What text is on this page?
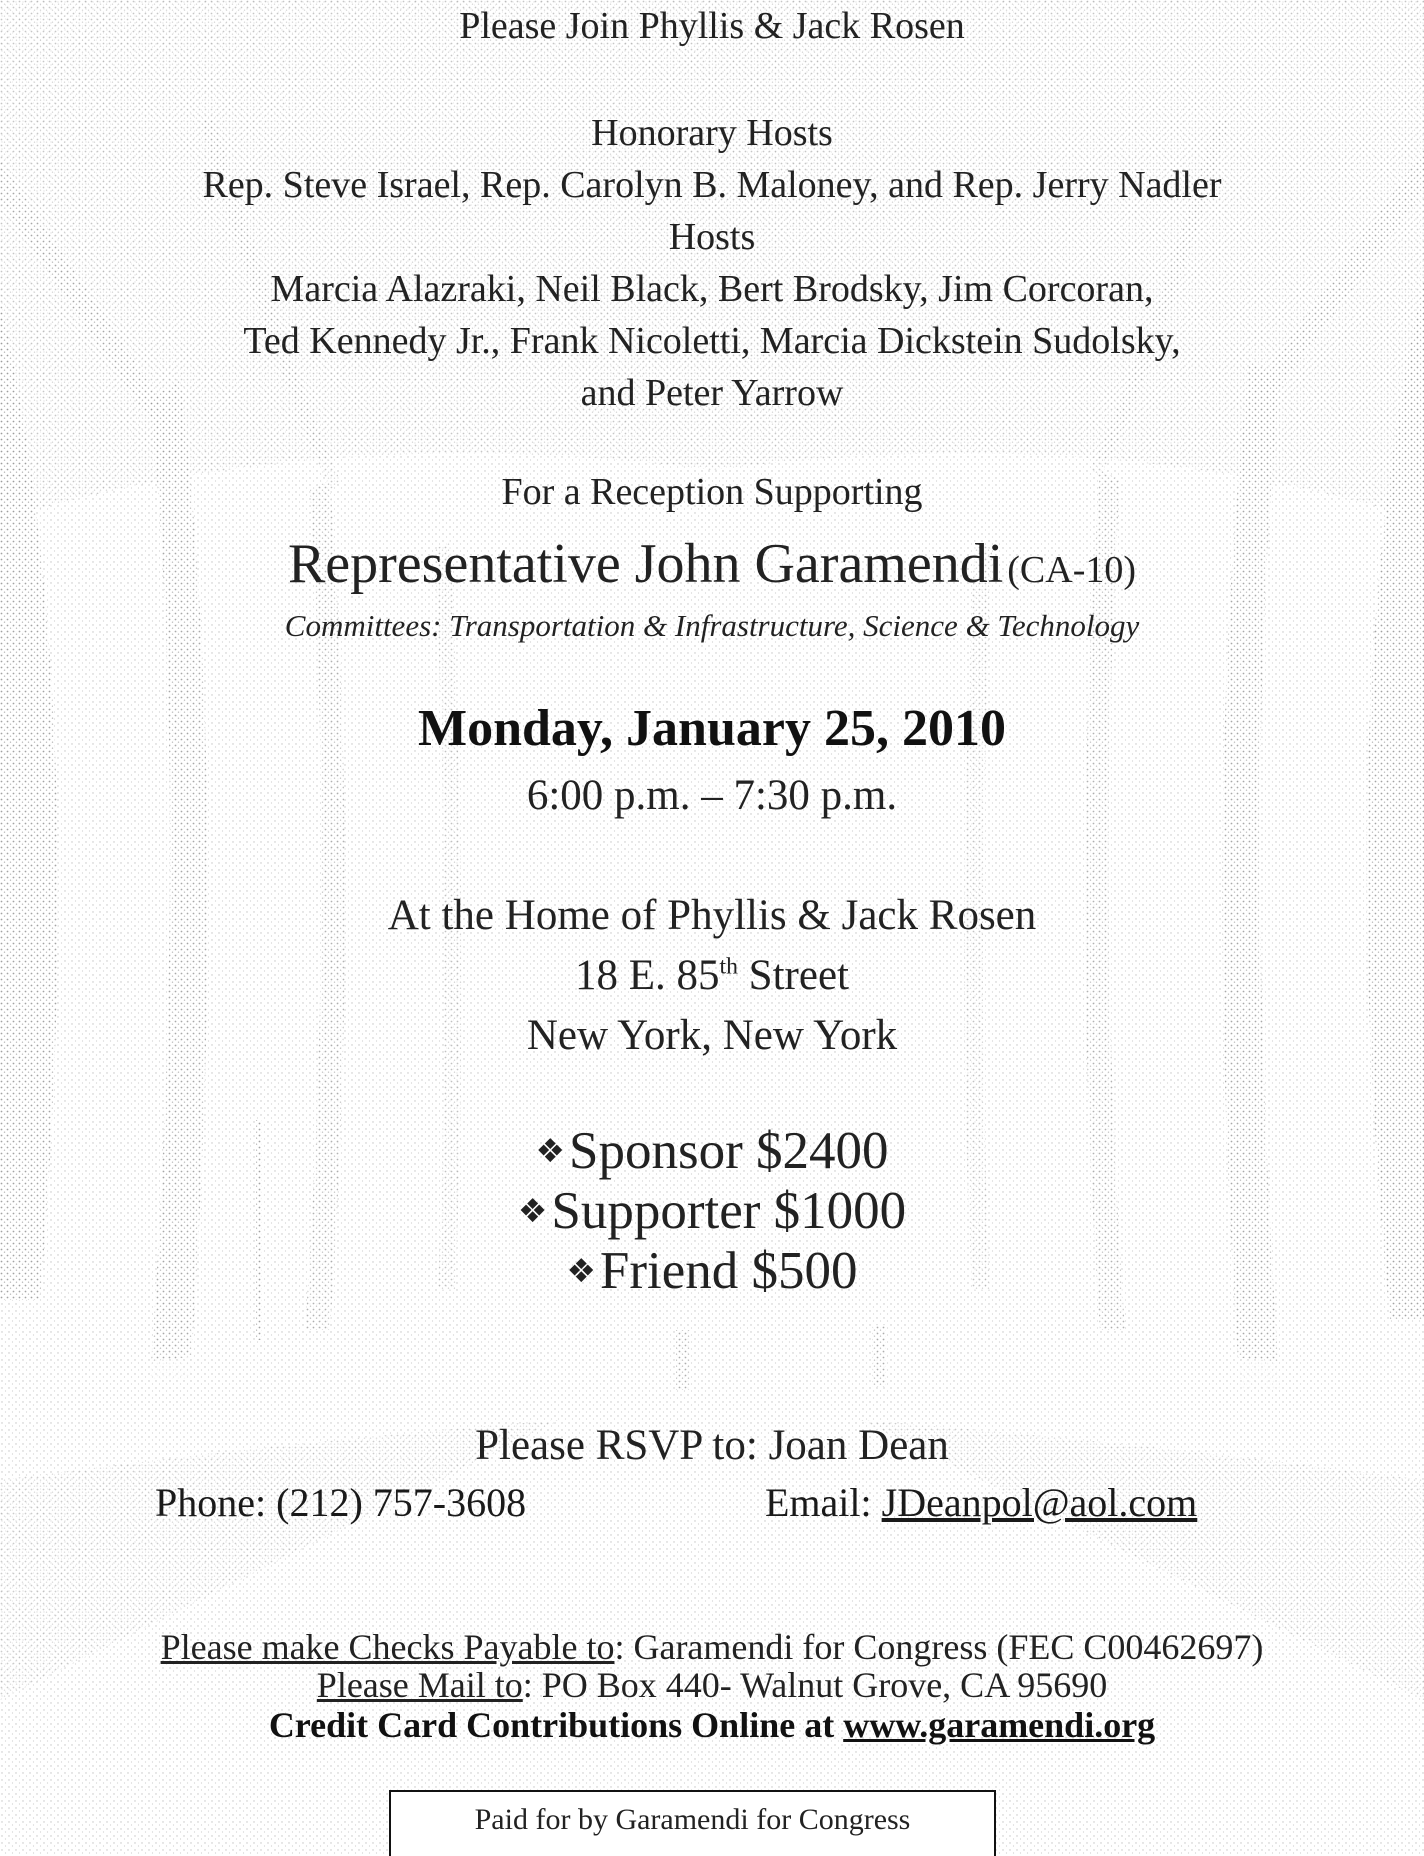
Please Join Phyllis & Jack Rosen
Honorary Hosts
Rep. Steve Israel, Rep. Carolyn B. Maloney, and Rep. Jerry Nadler
Hosts
Marcia Alazraki, Neil Black, Bert Brodsky, Jim Corcoran,
Ted Kennedy Jr., Frank Nicoletti, Marcia Dickstein Sudolsky,
and Peter Yarrow
For a Reception Supporting
Representative John Garamendi (CA-10)
Committees: Transportation & Infrastructure, Science & Technology
Monday, January 25, 2010
6:00 p.m. – 7:30 p.m.
At the Home of Phyllis & Jack Rosen
18 E. 85th Street
New York, New York
❖Sponsor $2400
❖Supporter $1000
❖Friend $500
Please RSVP to: Joan Dean
Phone: (212) 757-3608	Email: JDeanpol@aol.com
Please make Checks Payable to: Garamendi for Congress (FEC C00462697)
Please Mail to: PO Box 440- Walnut Grove, CA 95690
Credit Card Contributions Online at www.garamendi.org
Paid for by Garamendi for Congress
